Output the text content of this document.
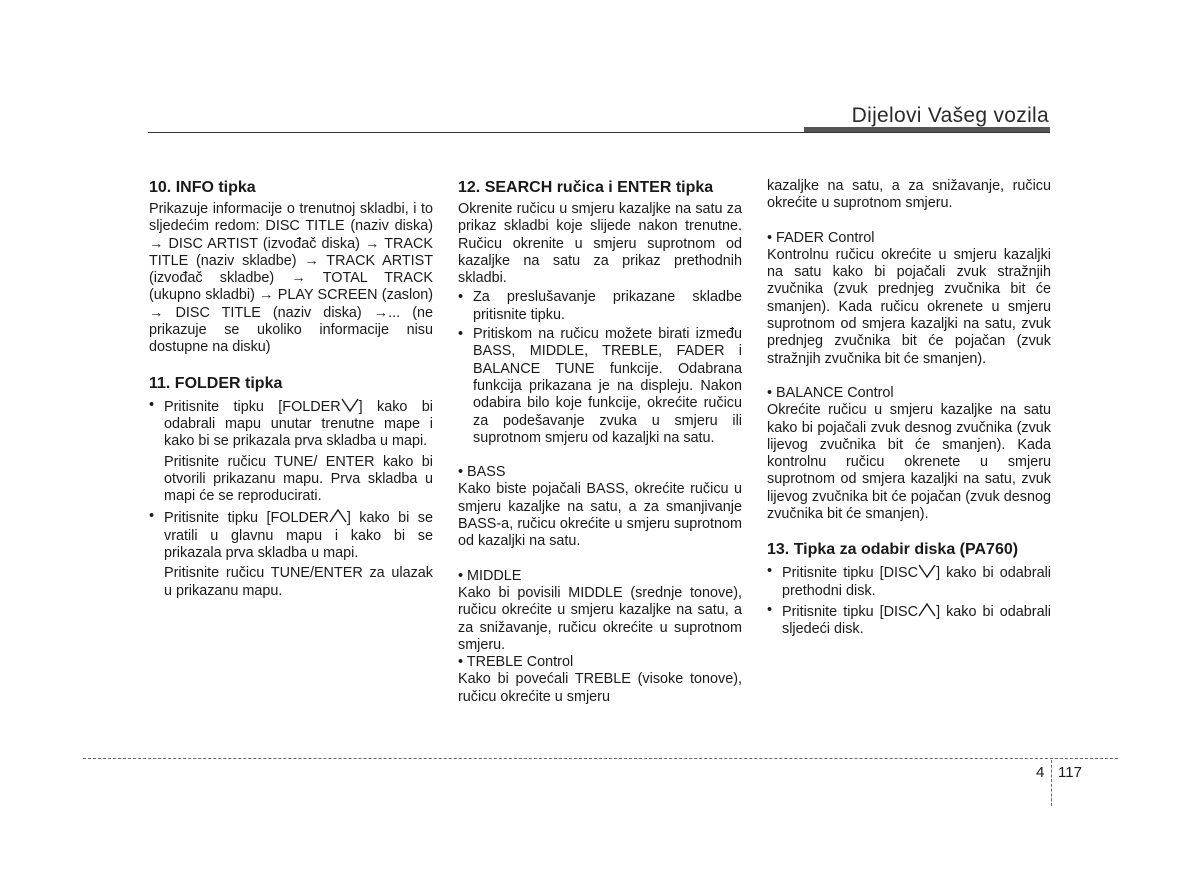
Dijelovi Vašeg vozila

10. INFO tipka

Prikazuje informacije o trenutnoj skladbi, i to sljedećim redom: DISC TITLE (naziv diska) → DISC ARTIST (izvođač diska) → TRACK TITLE (naziv skladbe) → TRACK ARTIST (izvođač skladbe) → TOTAL TRACK (ukupno skladbi) → PLAY SCREEN (zaslon) → DISC TITLE (naziv diska) →... (ne prikazuje se ukoliko informacije nisu dostupne na disku)

11. FOLDER tipka

• Pritisnite tipku [FOLDER ] kako bi odabrali mapu unutar trenutne mape i kako bi se prikazala prva skladba u mapi.

Pritisnite ručicu TUNE/ ENTER kako bi otvorili prikazanu mapu. Prva skladba u mapi će se reproducirati.

• Pritisnite tipku [FOLDER ] kako bi se vratili u glavnu mapu i kako bi se prikazala prva skladba u mapi.

Pritisnite ručicu TUNE/ENTER za ulazak u prikazanu mapu.

12. SEARCH ručica i ENTER tipka

Okrenite ručicu u smjeru kazaljke na satu za prikaz skladbi koje slijede nakon trenutne. Ručicu okrenite u smjeru suprotnom od kazaljke na satu za prikaz prethodnih skladbi.

• Za preslušavanje prikazane skladbe pritisnite tipku.

• Pritiskom na ručicu možete birati između BASS, MIDDLE, TREBLE, FADER i BALANCE TUNE funkcije. Odabrana funkcija prikazana je na displeju. Nakon odabira bilo koje funkcije, okrećite ručicu za podešavanje zvuka u smjeru ili suprotnom smjeru od kazaljki na satu.

• BASS

Kako biste pojačali BASS, okrećite ručicu u smjeru kazaljke na satu, a za smanjivanje BASS-a, ručicu okrećite u smjeru suprotnom od kazaljki na satu.

• MIDDLE

Kako bi povisili MIDDLE (srednje tonove), ručicu okrećite u smjeru kazaljke na satu, a za snižavanje, ručicu okrećite u suprotnom smjeru.

• TREBLE Control

Kako bi povećali TREBLE (visoke tonove), ručicu okrećite u smjeru

kazaljke na satu, a za snižavanje, ručicu okrećite u suprotnom smjeru.

• FADER Control

Kontrolnu ručicu okrećite u smjeru kazaljki na satu kako bi pojačali zvuk stražnjih zvučnika (zvuk prednjeg zvučnika bit će smanjen). Kada ručicu okrenete u smjeru suprotnom od smjera kazaljki na satu, zvuk prednjeg zvučnika bit će pojačan (zvuk stražnjih zvučnika bit će smanjen).

• BALANCE Control

Okrećite ručicu u smjeru kazaljke na satu kako bi pojačali zvuk desnog zvučnika (zvuk lijevog zvučnika bit će smanjen). Kada kontrolnu ručicu okrenete u smjeru suprotnom od smjera kazaljki na satu, zvuk lijevog zvučnika bit će pojačan (zvuk desnog zvučnika bit će smanjen).

13. Tipka za odabir diska (PA760)

• Pritisnite tipku [DISC ] kako bi odabrali prethodni disk.

• Pritisnite tipku [DISC ] kako bi odabrali sljedeći disk.

4 117
